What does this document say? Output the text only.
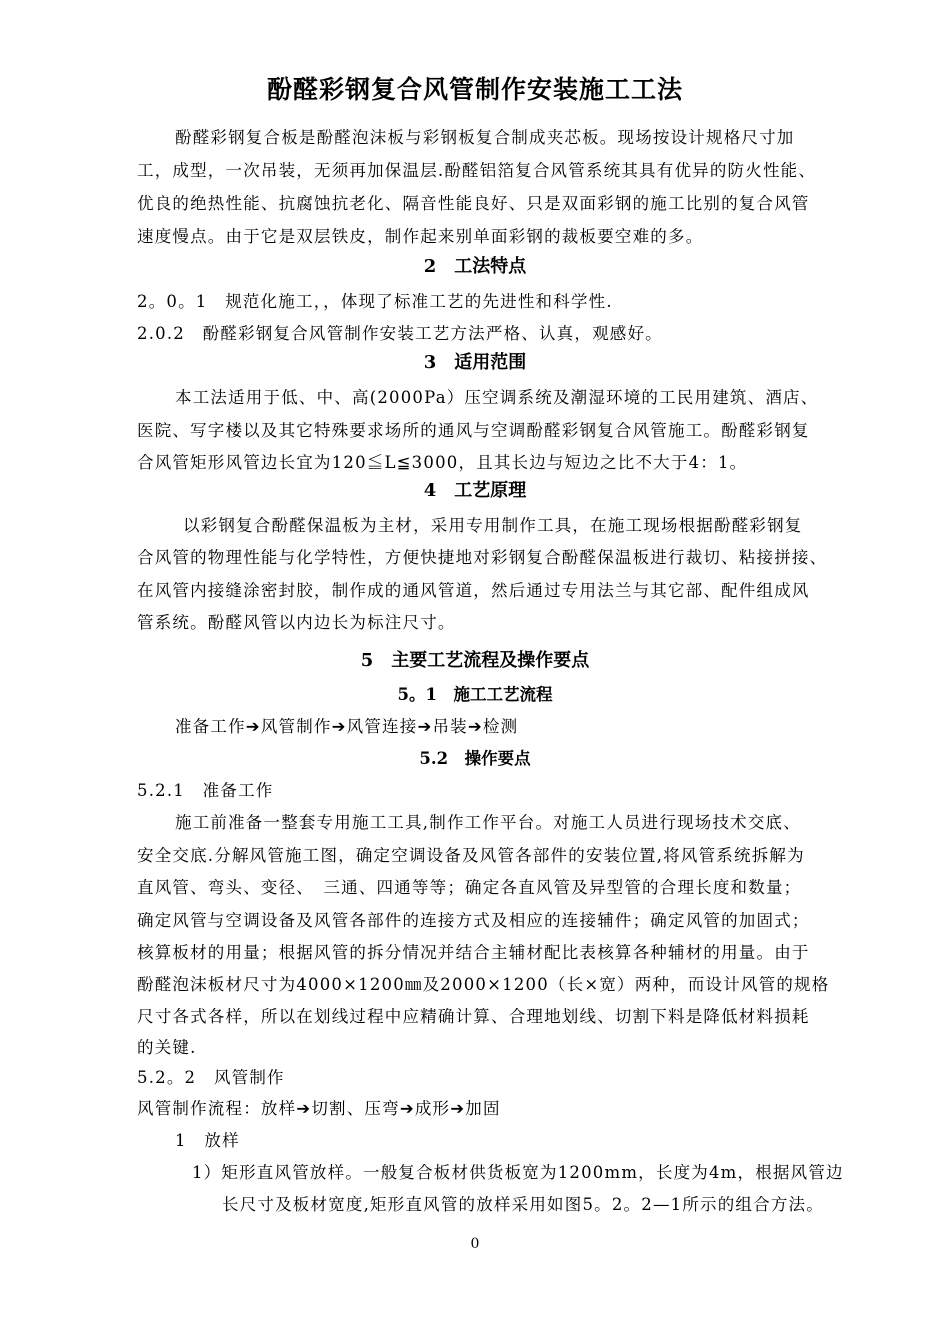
酚醛彩钢复合风管制作安装施工工法
酚醛彩钢复合板是酚醛泡沫板与彩钢板复合制成夹芯板。现场按设计规格尺寸加
工，成型，一次吊装，无须再加保温层.酚醛铝箔复合风管系统其具有优异的防火性能、
优良的绝热性能、抗腐蚀抗老化、隔音性能良好、只是双面彩钢的施工比别的复合风管
速度慢点。由于它是双层铁皮，制作起来别单面彩钢的裁板要空难的多。
2　工法特点
2。0。1　规范化施工，，体现了标准工艺的先进性和科学性.
2.0.2　酚醛彩钢复合风管制作安装工艺方法严格、认真，观感好。
3　适用范围
本工法适用于低、中、高(2000Pa）压空调系统及潮湿环境的工民用建筑、酒店、
医院、写字楼以及其它特殊要求场所的通风与空调酚醛彩钢复合风管施工。酚醛彩钢复
合风管矩形风管边长宜为120≦L≦3000，且其长边与短边之比不大于4：1。
4　工艺原理
以彩钢复合酚醛保温板为主材，采用专用制作工具，在施工现场根据酚醛彩钢复
合风管的物理性能与化学特性，方便快捷地对彩钢复合酚醛保温板进行裁切、粘接拼接、
在风管内接缝涂密封胶，制作成的通风管道，然后通过专用法兰与其它部、配件组成风
管系统。酚醛风管以内边长为标注尺寸。
5　主要工艺流程及操作要点
5。1　施工工艺流程
准备工作➔风管制作➔风管连接➔吊装➔检测
5.2　操作要点
5.2.1　准备工作
施工前准备一整套专用施工工具,制作工作平台。对施工人员进行现场技术交底、
安全交底.分解风管施工图，确定空调设备及风管各部件的安装位置,将风管系统拆解为
直风管、弯头、变径、　三通、四通等等；确定各直风管及异型管的合理长度和数量；
确定风管与空调设备及风管各部件的连接方式及相应的连接辅件；确定风管的加固式；
核算板材的用量；根据风管的拆分情况并结合主辅材配比表核算各种辅材的用量。由于
酚醛泡沫板材尺寸为4000×1200㎜及2000×1200（长×宽）两种，而设计风管的规格
尺寸各式各样，所以在划线过程中应精确计算、合理地划线、切割下料是降低材料损耗
的关键.
5.2。2　风管制作
风管制作流程：放样➔切割、压弯➔成形➔加固
1　放样
1）矩形直风管放样。一般复合板材供货板宽为1200mm，长度为4m，根据风管边
长尺寸及板材宽度,矩形直风管的放样采用如图5。2。2—1所示的组合方法。
0
